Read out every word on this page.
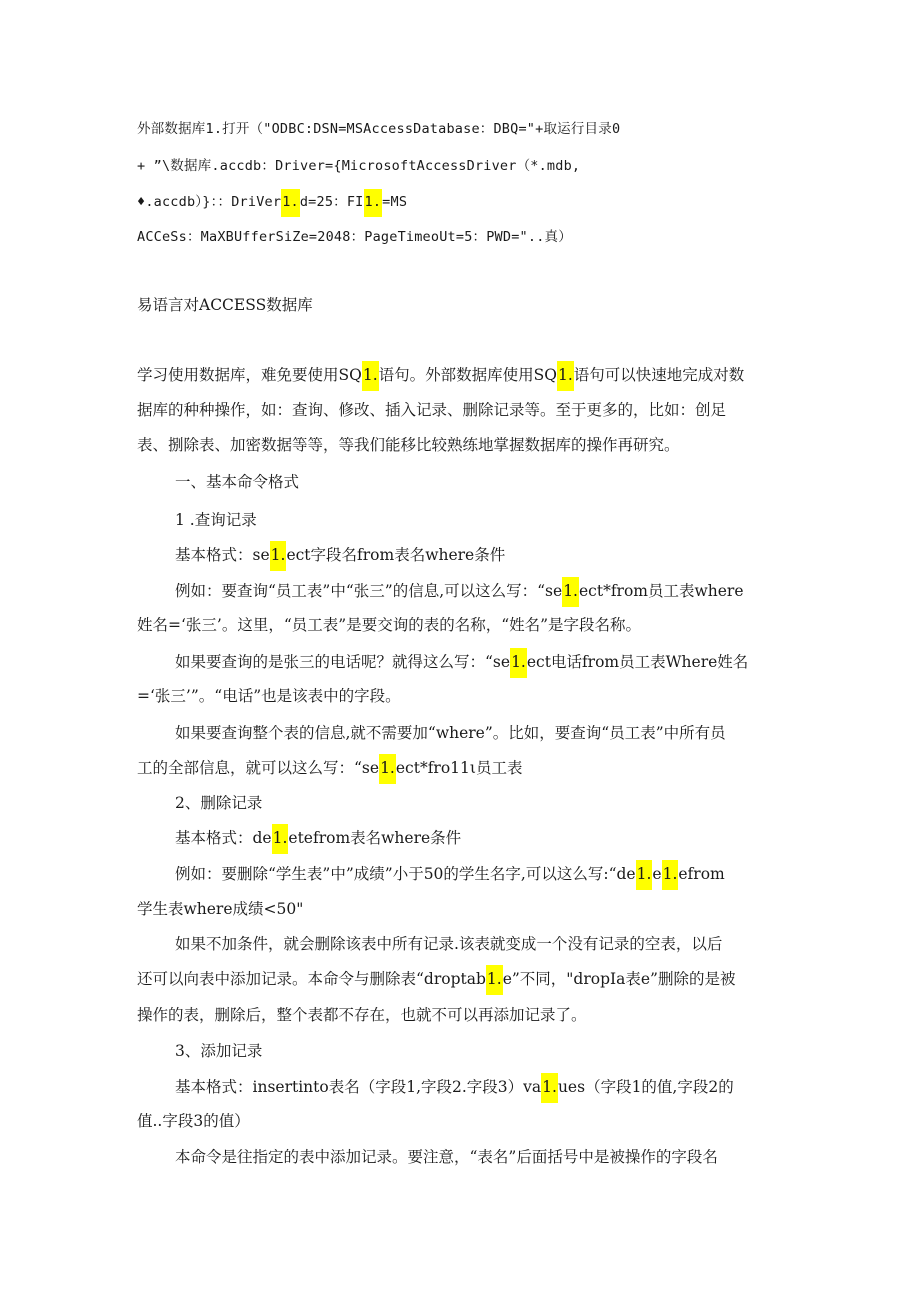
外部数据库1.打开（"ODBC:DSN=MSAccessDatabase：DBQ="+取运行目录0
+ ”\数据库.accdb：Driver={MicrosoftAccessDriver（*.mdb,
♦.accdb）}：：DriVer1.d=25：FI1.=MS
ACCeSs：MaXBUfferSiZe=2048：PageTimeoUt=5：PWD="..真）
易语言对ACCESS数据库
学习使用数据库，难免要使用SQ1.语句。外部数据库使用SQ1.语句可以快速地完成对数
据库的种种操作，如：查询、修改、插入记录、删除记录等。至于更多的，比如：创足
表、捌除表、加密数据等等，等我们能移比较熟练地掌握数据库的操作再研究。
一、基本命令格式
1 .查询记录
基本格式：se1.ect字段名from表名where条件
例如：要查询“员工表”中“张三”的信息,可以这么写：“se1.ect*from员工表where
姓名=‘张三’。这里，“员工表”是要交询的表的名称，“姓名”是字段名称。
如果要查询的是张三的电话呢？就得这么写：“se1.ect电话from员工表Where姓名
=‘张三’”。“电话”也是该表中的字段。
如果要查询整个表的信息,就不需要加“where”。比如，要查询“员工表”中所有员
工的全部信息，就可以这么写：“se1.ect*fro11ι员工表
2、删除记录
基本格式：de1.etefrom表名where条件
例如：要删除“学生表”中”成绩”小于50的学生名字,可以这么写:“de1.e1.efrom
学生表where成绩<50"
如果不加条件，就会删除该表中所有记录.该表就变成一个没有记录的空表，以后
还可以向表中添加记录。本命令与删除表“droptab1.e”不同，"dropIa表e”删除的是被
操作的表，删除后，整个表都不存在，也就不可以再添加记录了。
3、添加记录
基本格式：insertinto表名（字段1,字段2.字段3）va1.ues（字段1的值,字段2的
值..字段3的值）
本命令是往指定的表中添加记录。要注意，“表名”后面括号中是被操作的字段名
